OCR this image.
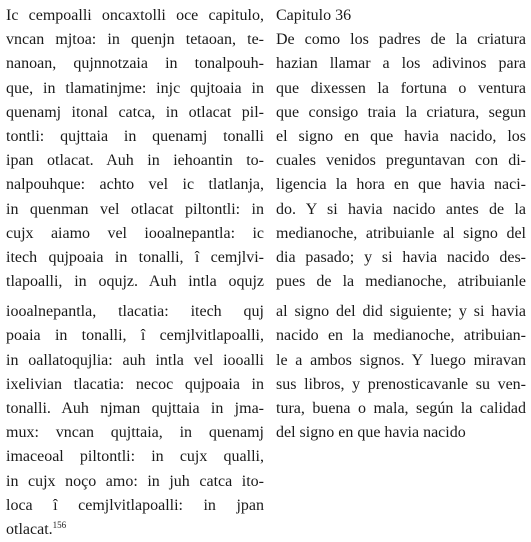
Ic cempoalli oncaxtolli oce capitulo,
vncan mjtoa: in quenjn tetaoan, te-
nanoan, qujnnotzaia in tonalpouh-
que, in tlamatinjme: injc qujtoaia in
quenamj itonal catca, in otlacat pil-
tontli: qujttaia in quenamj tonalli
ipan otlacat. Auh in iehoantin to-
nalpouhque: achto vel ic tlatlanja,
in quenman vel otlacat piltontli: in
cujx aiamo vel iooalnepantla: ic
itech qujpoaia in tonalli, î cemjlvi-
tlapoalli, in oqujz. Auh intla oqujz
iooalnepantla, tlacatia: itech quj
poaia in tonalli, î cemjlvitlapoalli,
in oallatoqujlia: auh intla vel iooalli
ixelivian tlacatia: necoc qujpoaia in
tonalli. Auh njman qujttaia in jma-
mux: vncan qujttaia, in quenamj
imaceoal piltontli: in cujx qualli,
in cujx noço amo: in juh catca ito-
loca î cemjlvitlapoalli: in jpan
otlacat.$^{156}$
Capitulo 36
De como los padres de la criatura
hazian llamar a los adivinos para
que dixessen la fortuna o ventura
que consigo traia la criatura, segun
el signo en que havia nacido, los
cuales venidos preguntavan con di-
ligencia la hora en que havia naci-
do. Y si havia nacido antes de la
medianoche, atribuianle al signo del
dia pasado; y si havia nacido des-
pues de la medianoche, atribuianle
al signo del did siguiente; y si havia
nacido en la medianoche, atribuian-
le a ambos signos. Y luego miravan
sus libros, y prenosticavanle su ven-
tura, buena o mala, según la calidad
del signo en que havia nacido
